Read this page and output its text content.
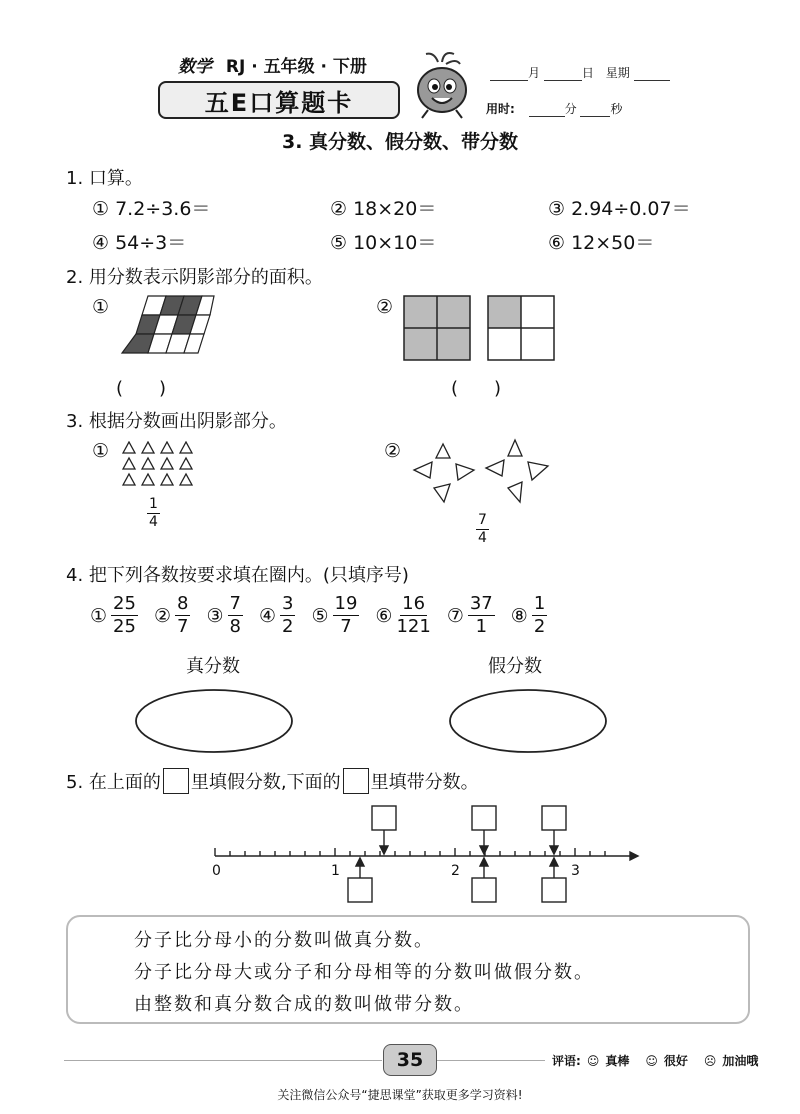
数学 RJ · 五年级 · 下册
五E口算题卡
月	日 星期
用时:	分	秒
3. 真分数、假分数、带分数
1. 口算。
① 7.2÷3.6＝	② 18×20＝	③ 2.94÷0.07＝
④ 54÷3＝	⑤ 10×10＝	⑥ 12×50＝
2. 用分数表示阴影部分的面积。
①
(　　)
②
(　　)
3. 根据分数画出阴影部分。
①
$\frac{1}{4}$
②
$\frac{7}{4}$
4. 把下列各数按要求填在圈内。(只填序号)
① $\frac{25}{25}$ ② $\frac{8}{7}$ ③ $\frac{7}{8}$ ④ $\frac{3}{2}$ ⑤ $\frac{19}{7}$ ⑥ $\frac{16}{121}$ ⑦ $\frac{37}{1}$ ⑧ $\frac{1}{2}$
真分数	假分数
5. 在上面的 里填假分数,下面的 里填带分数。
0	1	2	3
分子比分母小的分数叫做真分数。
分子比分母大或分子和分母相等的分数叫做假分数。
由整数和真分数合成的数叫做带分数。
35	评语: ☺ 真棒 ☺ 很好 ☹ 加油哦
关注微信公众号“捷思课堂”获取更多学习资料!
